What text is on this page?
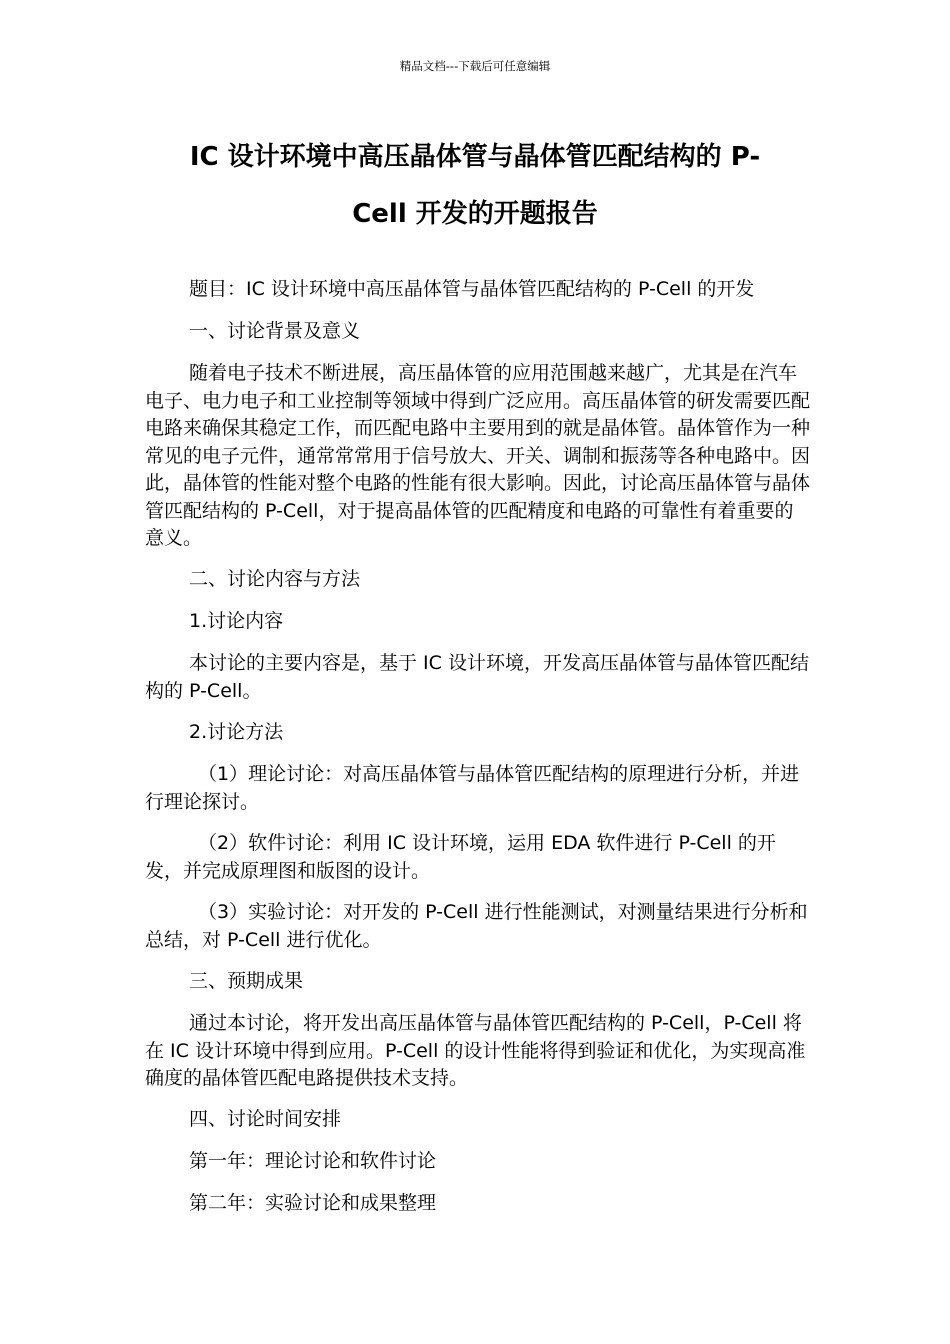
精品文档---下载后可任意编辑
IC 设计环境中高压晶体管与晶体管匹配结构的 P-
Cell 开发的开题报告
题目：IC 设计环境中高压晶体管与晶体管匹配结构的 P-Cell 的开发
一、讨论背景及意义
随着电子技术不断进展，高压晶体管的应用范围越来越广，尤其是在汽车电子、电力电子和工业控制等领域中得到广泛应用。高压晶体管的研发需要匹配电路来确保其稳定工作，而匹配电路中主要用到的就是晶体管。晶体管作为一种常见的电子元件，通常常常用于信号放大、开关、调制和振荡等各种电路中。因此，晶体管的性能对整个电路的性能有很大影响。因此，讨论高压晶体管与晶体管匹配结构的 P-Cell，对于提高晶体管的匹配精度和电路的可靠性有着重要的意义。
二、讨论内容与方法
1.讨论内容
本讨论的主要内容是，基于 IC 设计环境，开发高压晶体管与晶体管匹配结构的 P-Cell。
2.讨论方法
（1）理论讨论：对高压晶体管与晶体管匹配结构的原理进行分析，并进行理论探讨。
（2）软件讨论：利用 IC 设计环境，运用 EDA 软件进行 P-Cell 的开发，并完成原理图和版图的设计。
（3）实验讨论：对开发的 P-Cell 进行性能测试，对测量结果进行分析和总结，对 P-Cell 进行优化。
三、预期成果
通过本讨论，将开发出高压晶体管与晶体管匹配结构的 P-Cell，P-Cell 将在 IC 设计环境中得到应用。P-Cell 的设计性能将得到验证和优化，为实现高准确度的晶体管匹配电路提供技术支持。
四、讨论时间安排
第一年：理论讨论和软件讨论
第二年：实验讨论和成果整理
